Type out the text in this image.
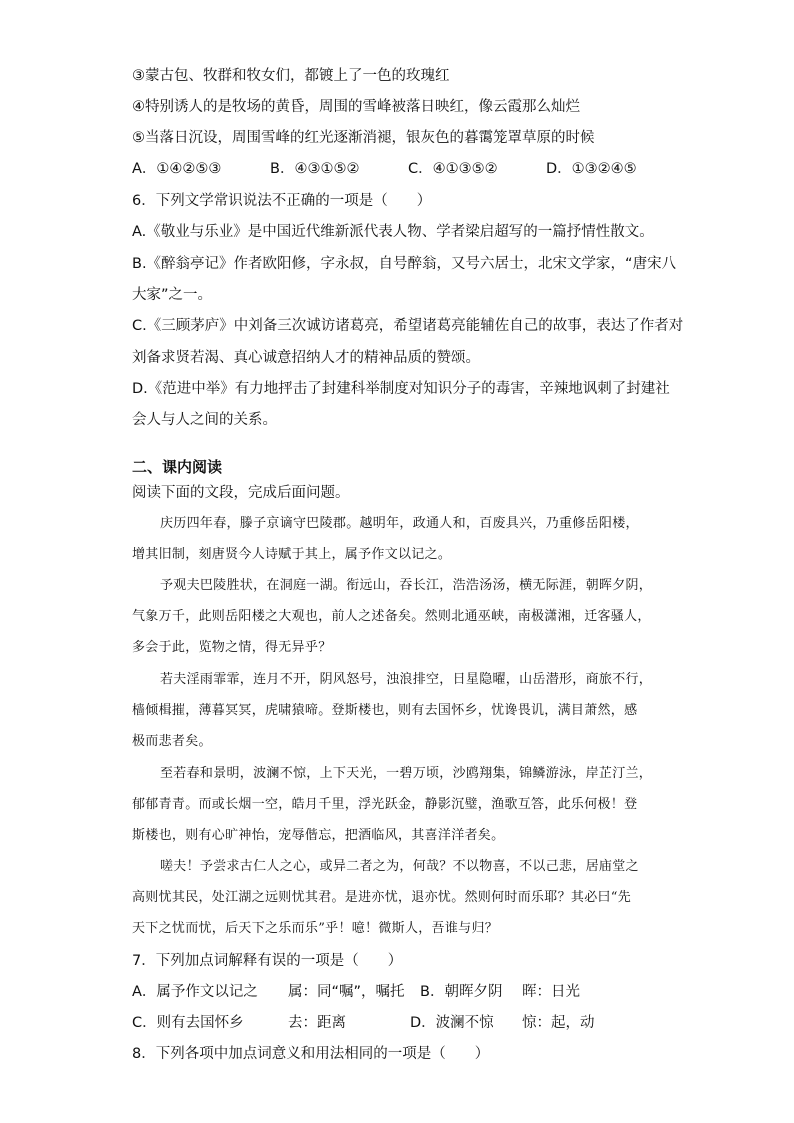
③蒙古包、牧群和牧女们，都镀上了一色的玫瑰红
④特别诱人的是牧场的黄昏，周围的雪峰被落日映红，像云霞那么灿烂
⑤当落日沉设，周围雪峰的红光逐渐消褪，银灰色的暮霭笼罩草原的时候
A．①④②⑤③	B．④③①⑤②	C．④①③⑤②	D．①③②④⑤
6．下列文学常识说法不正确的一项是（　　）
A.《敬业与乐业》是中国近代维新派代表人物、学者梁启超写的一篇抒情性散文。
B.《醉翁亭记》作者欧阳修，字永叔，自号醉翁，又号六居士，北宋文学家，“唐宋八
大家”之一。
C.《三顾茅庐》中刘备三次诚访诸葛亮，希望诸葛亮能辅佐自己的故事，表达了作者对
刘备求贤若渴、真心诚意招纳人才的精神品质的赞颂。
D.《范进中举》有力地抨击了封建科举制度对知识分子的毒害，辛辣地讽刺了封建社
会人与人之间的关系。
二、课内阅读
阅读下面的文段，完成后面问题。
庆历四年春，滕子京谪守巴陵郡。越明年，政通人和，百废具兴，乃重修岳阳楼，
增其旧制，刻唐贤今人诗赋于其上，属予作文以记之。
予观夫巴陵胜状，在洞庭一湖。衔远山，吞长江，浩浩汤汤，横无际涯，朝晖夕阴，
气象万千，此则岳阳楼之大观也，前人之述备矣。然则北通巫峡，南极潇湘，迁客骚人，
多会于此，览物之情，得无异乎？
若夫淫雨霏霏，连月不开，阴风怒号，浊浪排空，日星隐曜，山岳潜形，商旅不行，
樯倾楫摧，薄暮冥冥，虎啸猿啼。登斯楼也，则有去国怀乡，忧谗畏讥，满目萧然，感
极而悲者矣。
至若春和景明，波澜不惊，上下天光，一碧万顷，沙鸥翔集，锦鳞游泳，岸芷汀兰，
郁郁青青。而或长烟一空，皓月千里，浮光跃金，静影沉璧，渔歌互答，此乐何极！登
斯楼也，则有心旷神怡，宠辱偕忘，把酒临风，其喜洋洋者矣。
嗟夫！予尝求古仁人之心，或异二者之为，何哉？不以物喜，不以己悲，居庙堂之
高则忧其民，处江湖之远则忧其君。是进亦忧，退亦忧。然则何时而乐耶？其必曰“先
天下之忧而忧，后天下之乐而乐”乎！噫！微斯人，吾谁与归？
7．下列加点词解释有误的一项是（　　）
A．属予作文以记之 属：同“嘱”，嘱托 B．朝晖夕阴 晖：日光
C．则有去国怀乡	去：距离	D．波澜不惊 惊：起，动
8．下列各项中加点词意义和用法相同的一项是（　　）
